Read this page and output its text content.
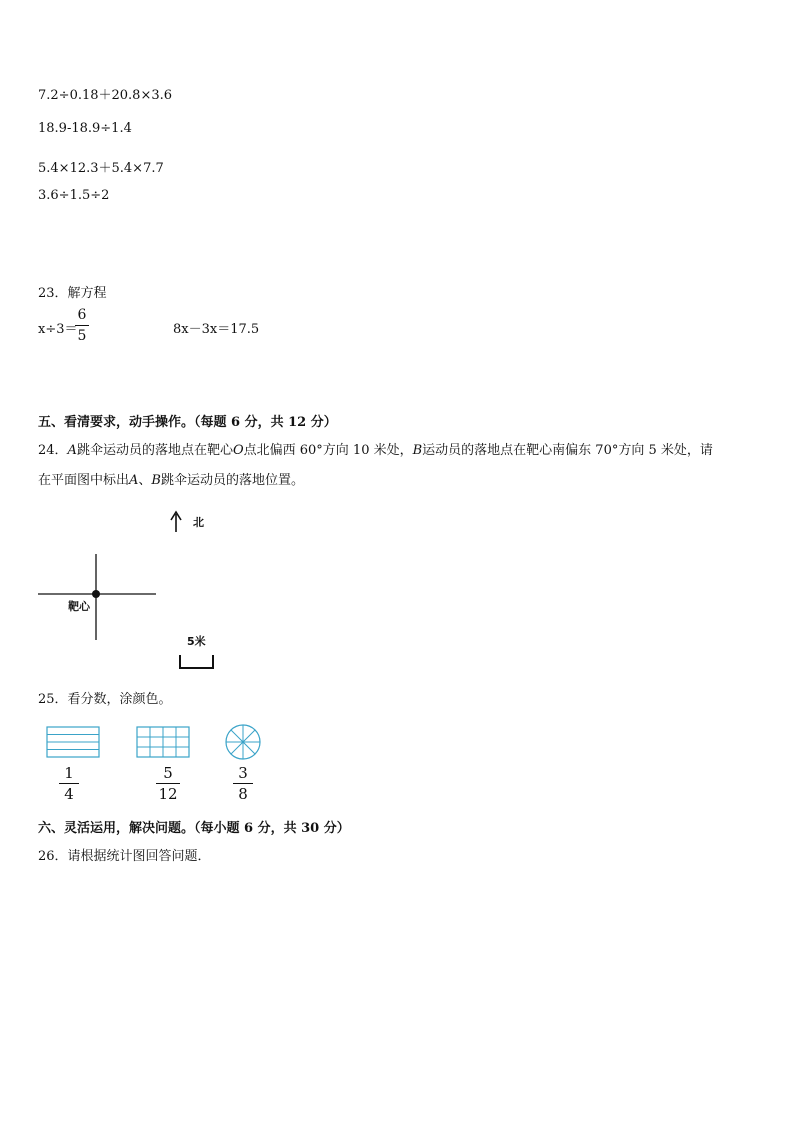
7.2÷0.18＋20.8×3.6
18.9-18.9÷1.4
5.4×12.3＋5.4×7.7
3.6÷1.5÷2
23．解方程
x÷3＝
6
5	8x－3x＝17.5
五、看清要求，动手操作。（每题 6 分，共 12 分）
24．A跳伞运动员的落地点在靶心O点北偏西 60°方向 10 米处，B运动员的落地点在靶心南偏东 70°方向 5 米处，请
在平面图中标出A、B跳伞运动员的落地位置。
北
靶心
5米
25．看分数，涂颜色。
1
4
5
12
3
8
六、灵活运用，解决问题。（每小题 6 分，共 30 分）
26．请根据统计图回答问题．
